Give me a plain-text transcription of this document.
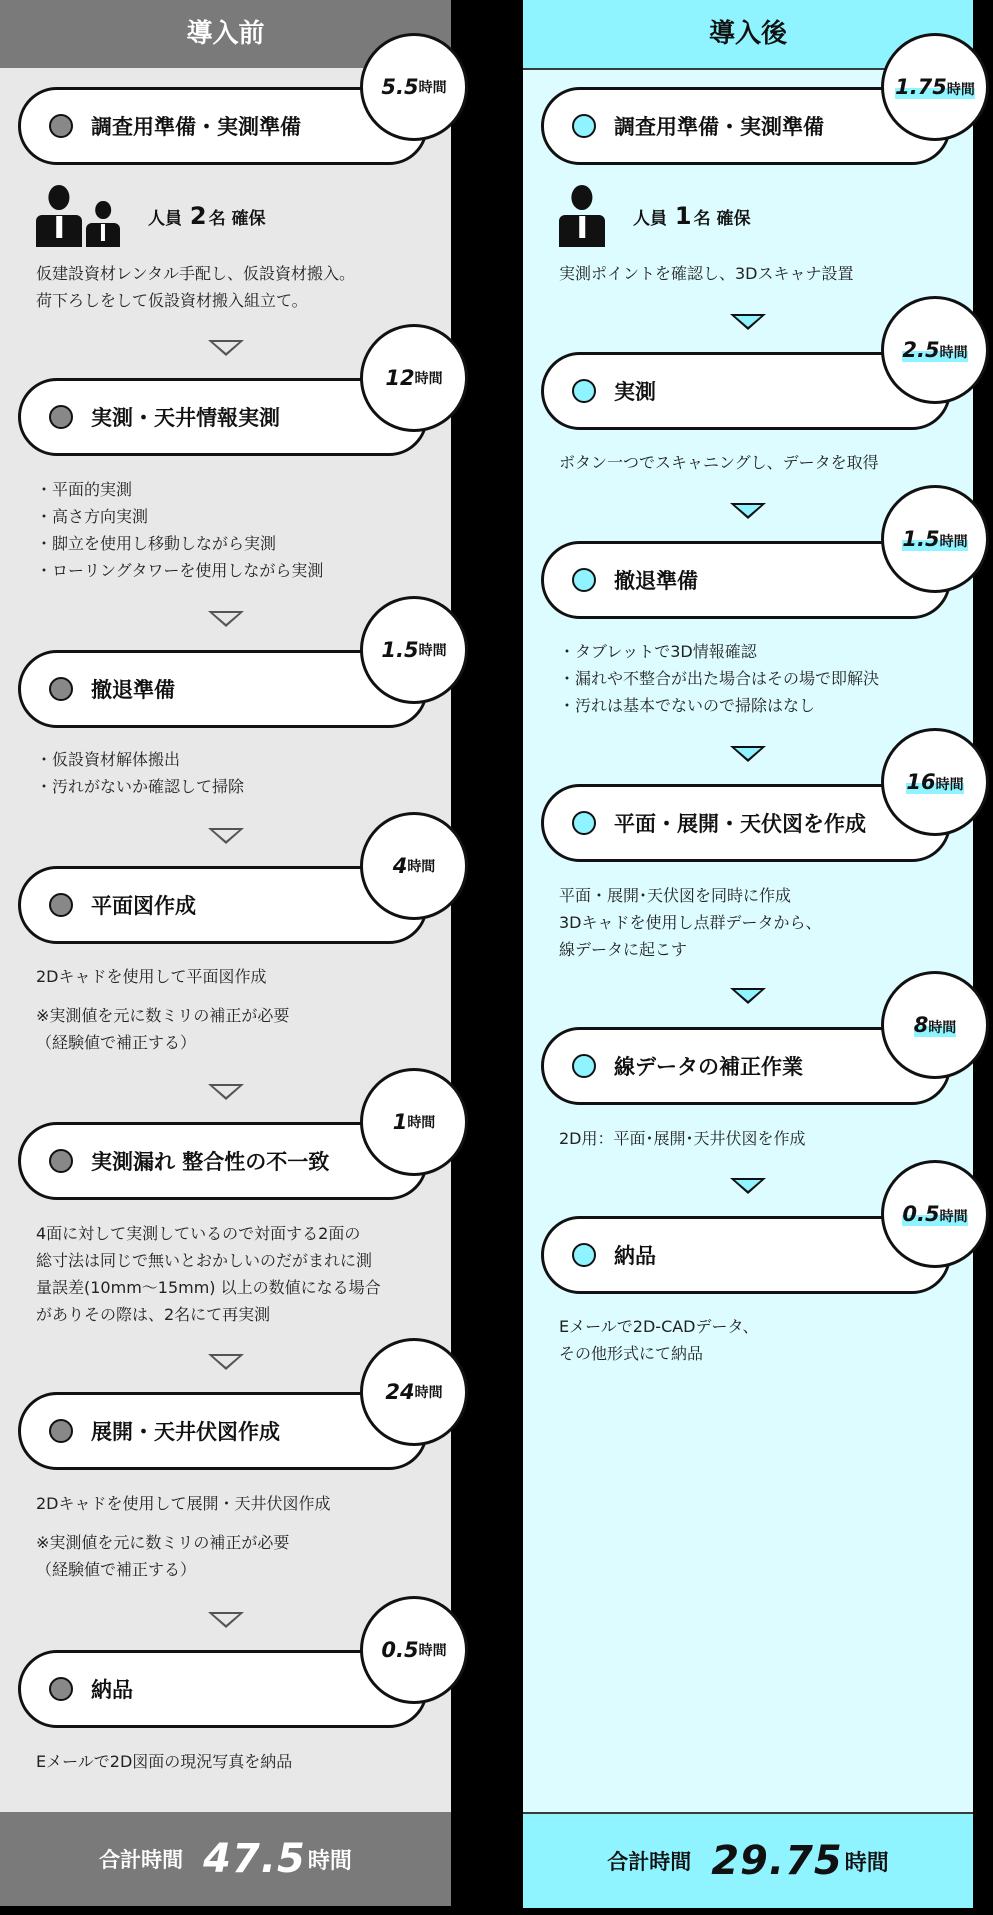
導入前
調査用準備・実測準備
5.5 時間
人員 2 名 確保

仮建設資材レンタル手配し、仮設資材搬入。

荷下ろしをして仮設資材搬入組立て。

実測・天井情報実測
12 時間

・平面的実測

・高さ方向実測

・脚立を使用し移動しながら実測

・ローリングタワーを使用しながら実測

撤退準備
1.5 時間

・仮設資材解体搬出

・汚れがないか確認して掃除

平面図作成
4 時間

2Dキャドを使用して平面図作成

※実測値を元に数ミリの補正が必要

（経験値で補正する）

実測漏れ 整合性の不一致
1 時間

4面に対して実測しているので対面する2面の

総寸法は同じで無いとおかしいのだがまれに測

量誤差(10mm～15mm) 以上の数値になる場合

がありその際は、2名にて再実測

展開・天井伏図作成
24 時間

2Dキャドを使用して展開・天井伏図作成

※実測値を元に数ミリの補正が必要

（経験値で補正する）

納品
0.5 時間

Eメールで2D図面の現況写真を納品

合計時間 47.5 時間
導入後
調査用準備・実測準備
1.75時間
人員 1 名 確保

実測ポイントを確認し、3Dスキャナ設置

実測
2.5時間

ボタン一つでスキャニングし、データを取得

撤退準備
1.5時間

・タブレットで3D情報確認

・漏れや不整合が出た場合はその場で即解決

・汚れは基本でないので掃除はなし

平面・展開・天伏図を作成
16時間

平面・展開･天伏図を同時に作成

3Dキャドを使用し点群データから、

線データに起こす

線データの補正作業
8時間

2D用：平面･展開･天井伏図を作成

納品
0.5時間

Eメールで2D-CADデータ、

その他形式にて納品

合計時間 29.75 時間
